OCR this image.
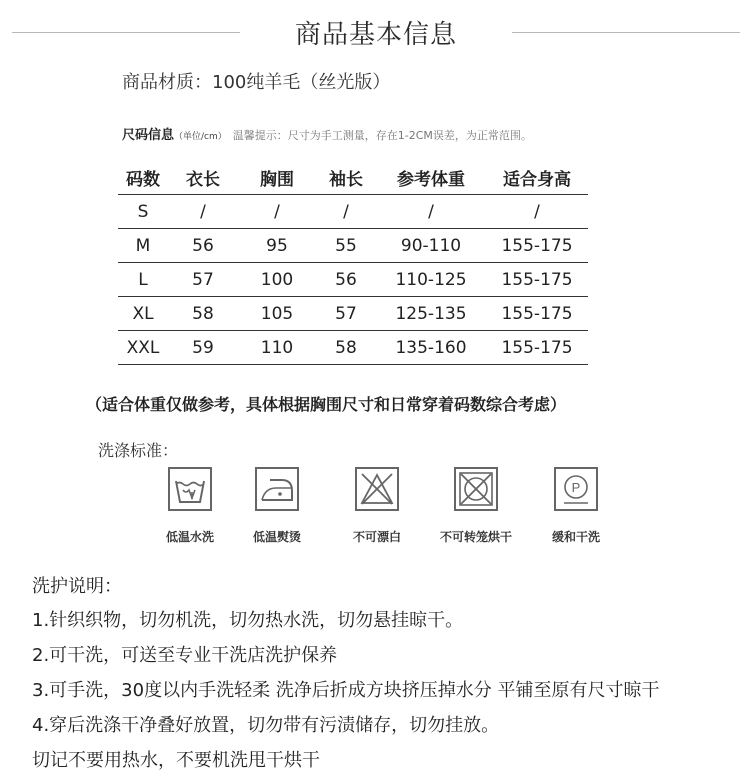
商品基本信息
商品材质：100纯羊毛（丝光版）
尺码信息（单位/cm） 温馨提示：尺寸为手工测量，存在1-2CM误差，为正常范围。
码数	衣长	胸围	袖长	参考体重	适合身高
S	/	/	/	/	/
M	56	95	55	90-110	155-175
L	57	100	56	110-125	155-175
XL	58	105	57	125-135	155-175
XXL	59	110	58	135-160	155-175
（适合体重仅做参考，具体根据胸围尺寸和日常穿着码数综合考虑）
洗涤标准：
低温水洗	低温熨烫	不可漂白	不可转笼烘干
P
缓和干洗
洗护说明：
1.针织织物，切勿机洗，切勿热水洗，切勿悬挂晾干。
2.可干洗，可送至专业干洗店洗护保养
3.可手洗，30度以内手洗轻柔 洗净后折成方块挤压掉水分 平铺至原有尺寸晾干
4.穿后洗涤干净叠好放置，切勿带有污渍储存，切勿挂放。
切记不要用热水，不要机洗甩干烘干
